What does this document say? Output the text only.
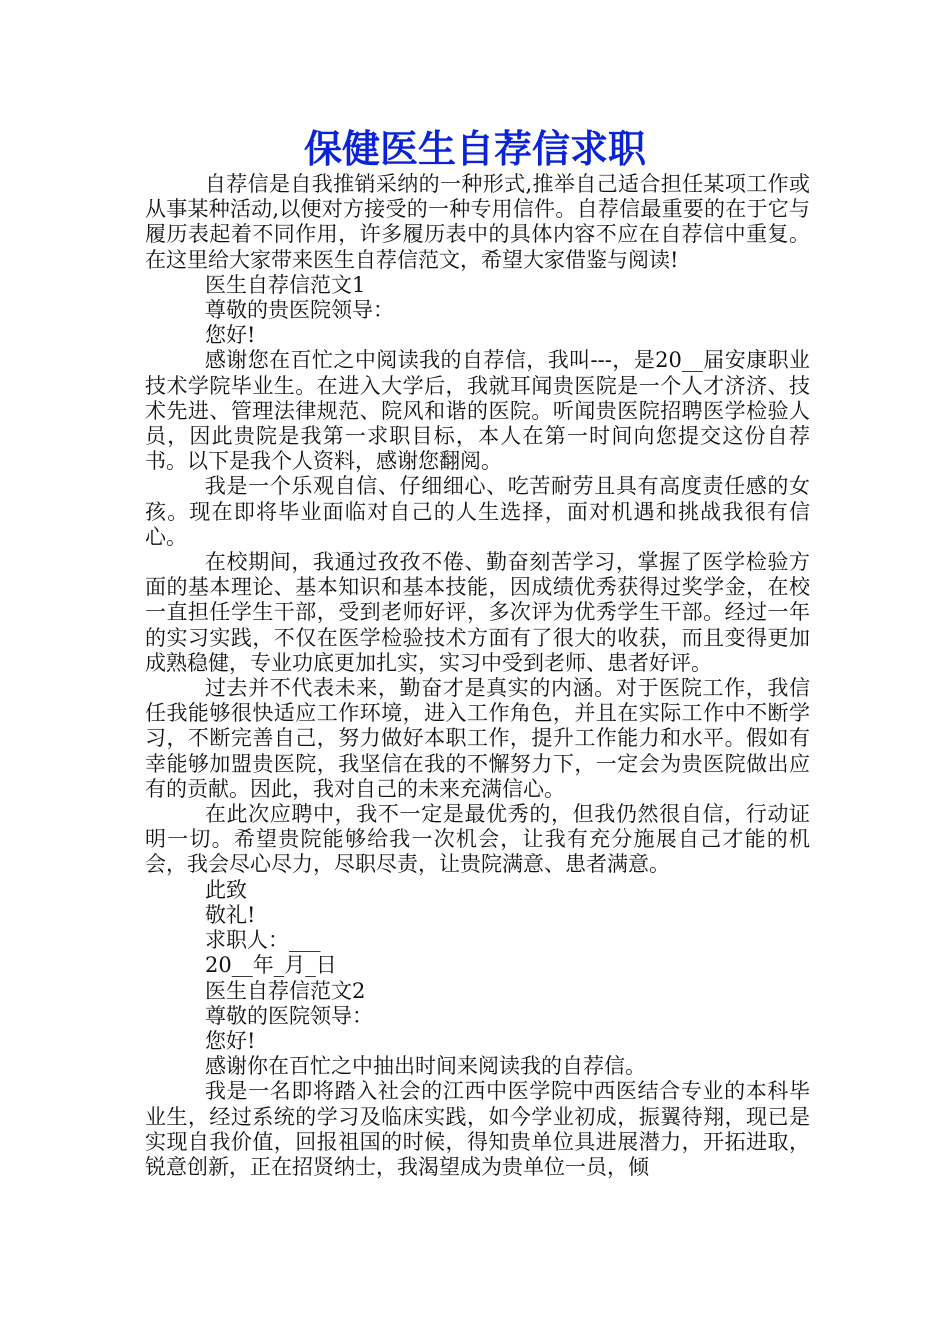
保健医生自荐信求职

自荐信是自我推销采纳的一种形式,推举自己适合担任某项工作或从事某种活动,以便对方接受的一种专用信件。自荐信最重要的在于它与履历表起着不同作用，许多履历表中的具体内容不应在自荐信中重复。在这里给大家带来医生自荐信范文，希望大家借鉴与阅读!

医生自荐信范文1

尊敬的贵医院领导：

您好!

感谢您在百忙之中阅读我的自荐信，我叫---，是20__届安康职业技术学院毕业生。在进入大学后，我就耳闻贵医院是一个人才济济、技术先进、管理法律规范、院风和谐的医院。听闻贵医院招聘医学检验人员，因此贵院是我第一求职目标，本人在第一时间向您提交这份自荐书。以下是我个人资料，感谢您翻阅。

我是一个乐观自信、仔细细心、吃苦耐劳且具有高度责任感的女孩。现在即将毕业面临对自己的人生选择，面对机遇和挑战我很有信心。

在校期间，我通过孜孜不倦、勤奋刻苦学习，掌握了医学检验方面的基本理论、基本知识和基本技能，因成绩优秀获得过奖学金，在校一直担任学生干部，受到老师好评，多次评为优秀学生干部。经过一年的实习实践，不仅在医学检验技术方面有了很大的收获，而且变得更加成熟稳健，专业功底更加扎实，实习中受到老师、患者好评。

过去并不代表未来，勤奋才是真实的内涵。对于医院工作，我信任我能够很快适应工作环境，进入工作角色，并且在实际工作中不断学习，不断完善自己，努力做好本职工作，提升工作能力和水平。假如有幸能够加盟贵医院，我坚信在我的不懈努力下，一定会为贵医院做出应有的贡献。因此，我对自己的未来充满信心。

在此次应聘中，我不一定是最优秀的，但我仍然很自信，行动证明一切。希望贵院能够给我一次机会，让我有充分施展自己才能的机会，我会尽心尽力，尽职尽责，让贵院满意、患者满意。

此致

敬礼!

求职人：___

20__年_月_日

医生自荐信范文2

尊敬的医院领导：

您好!

感谢你在百忙之中抽出时间来阅读我的自荐信。

我是一名即将踏入社会的江西中医学院中西医结合专业的本科毕业生，经过系统的学习及临床实践，如今学业初成，振翼待翔，现已是实现自我价值，回报祖国的时候，得知贵单位具进展潜力，开拓进取，锐意创新，正在招贤纳士，我渴望成为贵单位一员，倾
